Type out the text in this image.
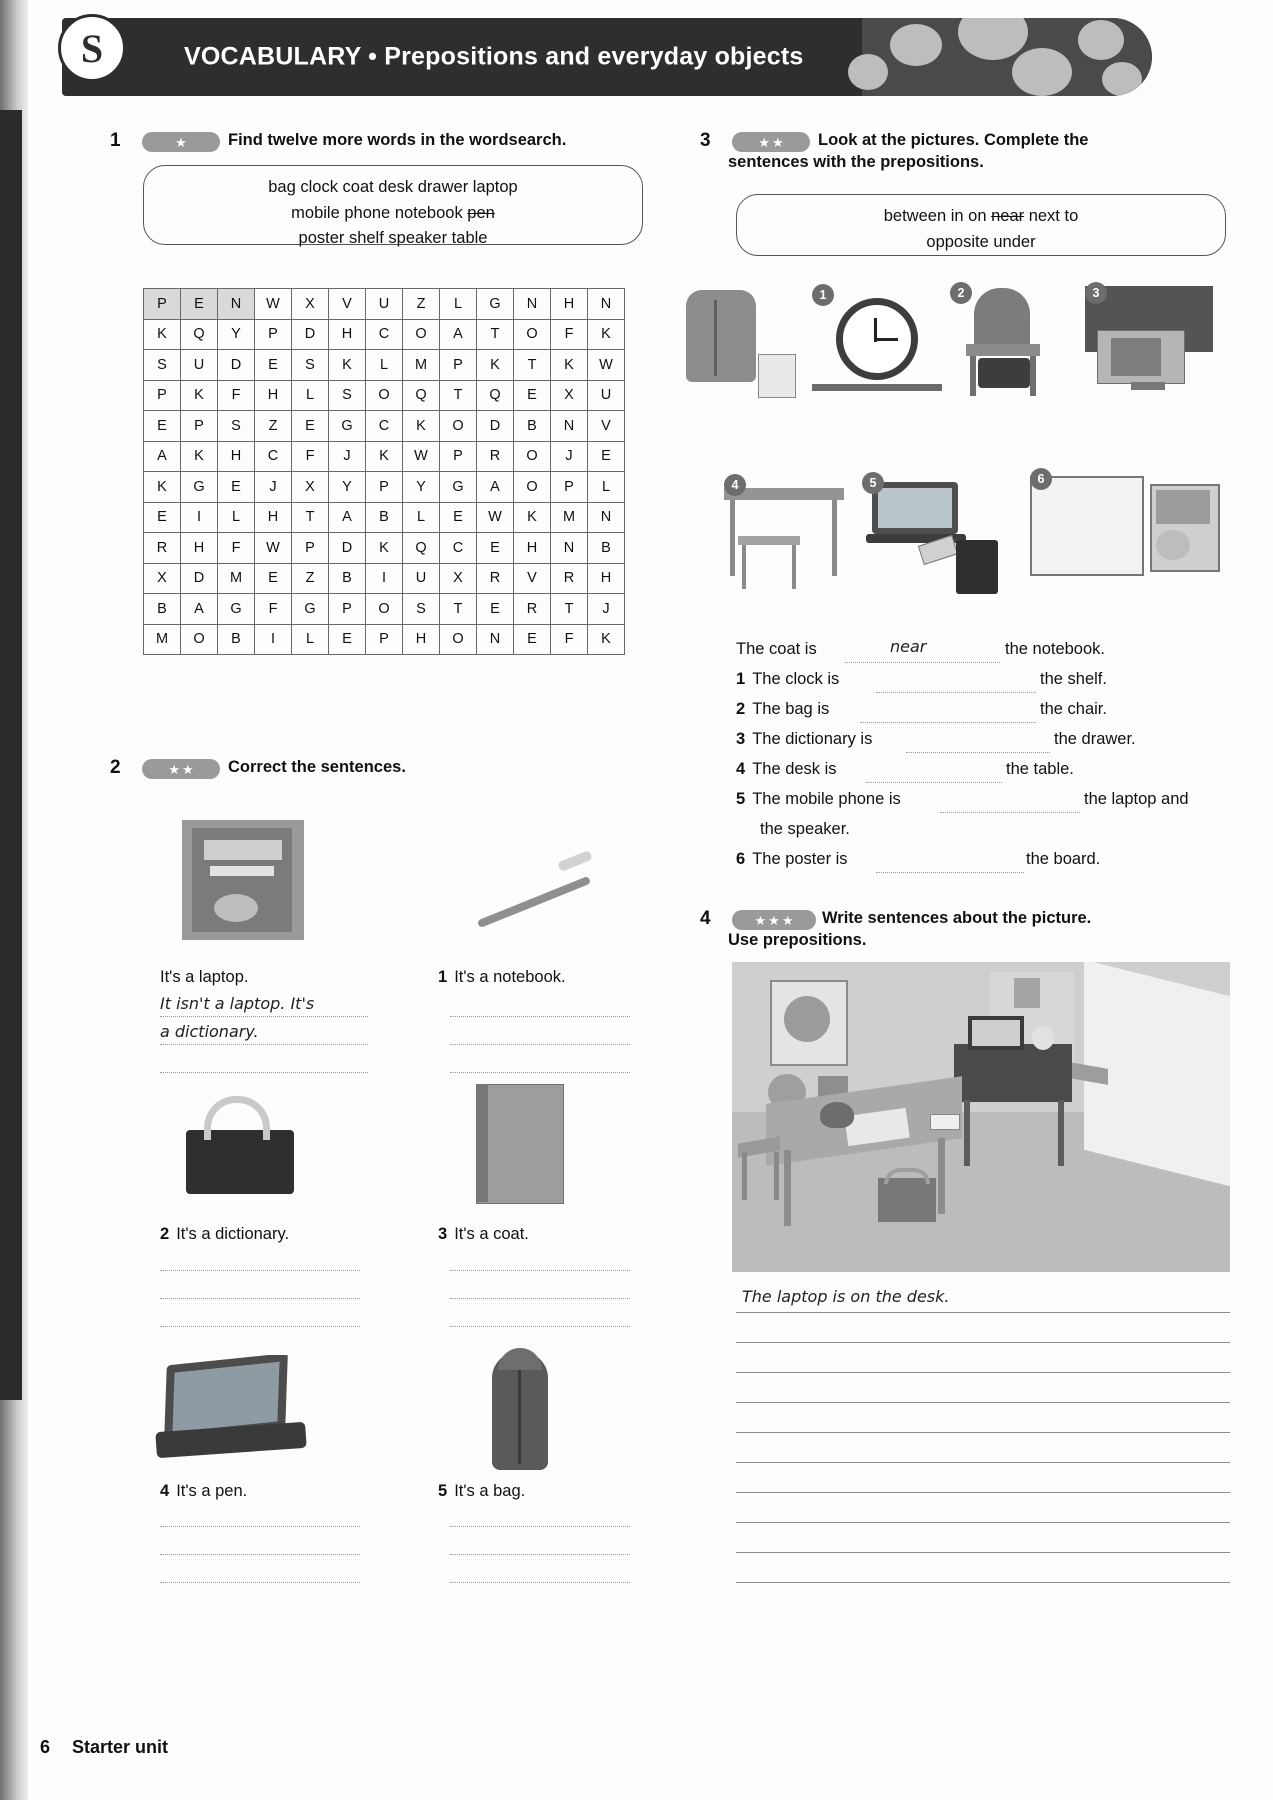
VOCABULARY • Prepositions and everyday objects
S
1	★ Find twelve more words in the wordsearch.
bag clock coat desk drawer laptop
mobile phone notebook pen
poster shelf speaker table
P	E	N	W	X	V	U	Z	L	G	N	H	N
K	Q	Y	P	D	H	C	O	A	T	O	F	K
S	U	D	E	S	K	L	M	P	K	T	K	W
P	K	F	H	L	S	O	Q	T	Q	E	X	U
E	P	S	Z	E	G	C	K	O	D	B	N	V
A	K	H	C	F	J	K	W	P	R	O	J	E
K	G	E	J	X	Y	P	Y	G	A	O	P	L
E	I	L	H	T	A	B	L	E	W	K	M	N
R	H	F	W	P	D	K	Q	C	E	H	N	B
X	D	M	E	Z	B	I	U	X	R	V	R	H
B	A	G	F	G	P	O	S	T	E	R	T	J
M	O	B	I	L	E	P	H	O	N	E	F	K
2	★ ★ Correct the sentences.
It's a laptop.
It isn't a laptop. It's
a dictionary.
1 It's a notebook.
2 It's a dictionary.	3 It's a coat.
4 It's a pen.	5 It's a bag.
3	★ ★ Look at the pictures. Complete the
sentences with the prepositions.
between in on near next to
opposite under
1	2	3
4	5	6
The coat is	near	the notebook.
1 The clock is	the shelf.
2 The bag is	the chair.
3 The dictionary is	the drawer.
4 The desk is	the table.
5 The mobile phone is	the laptop and
the speaker.
6 The poster is	the board.
4	★ ★ ★ Write sentences about the picture.
Use prepositions.
The laptop is on the desk.
6 Starter unit
